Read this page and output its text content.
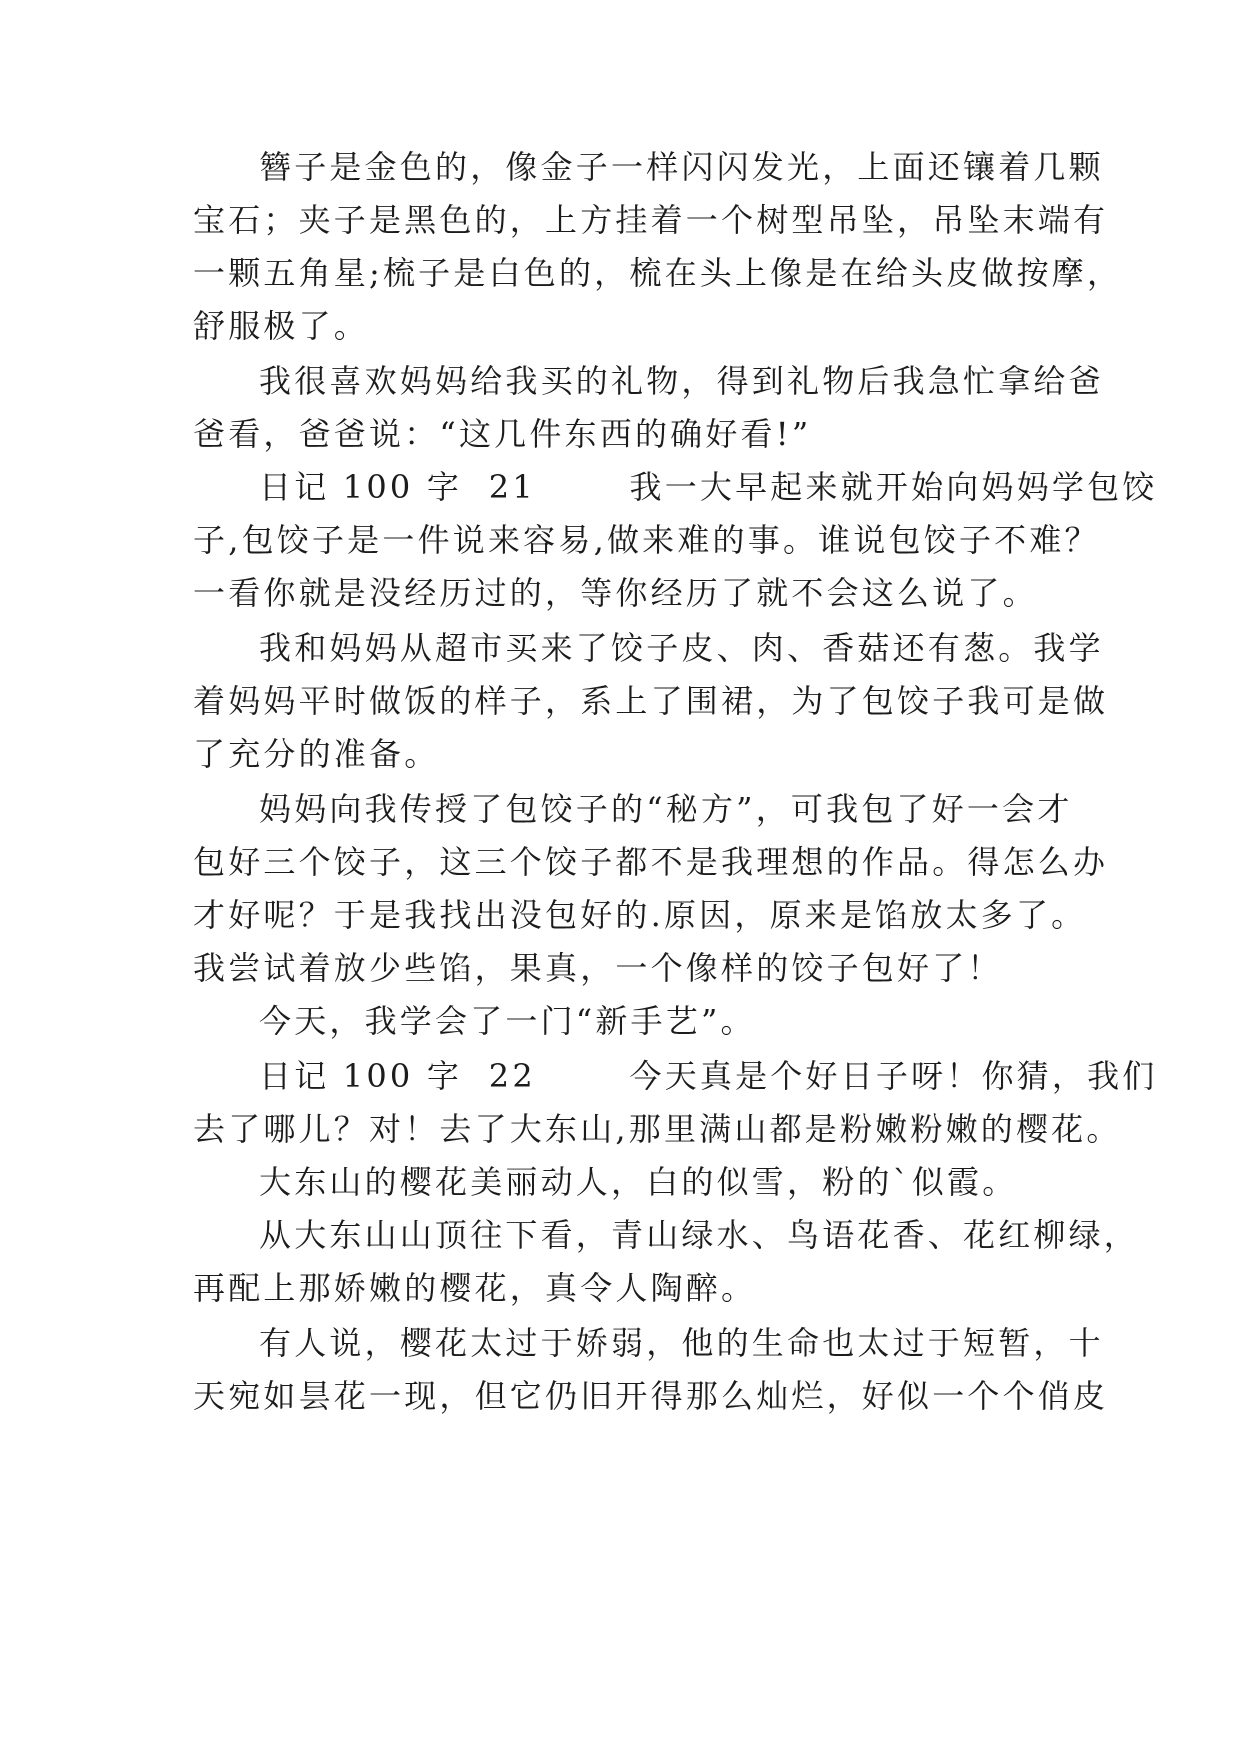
簪子是金色的，像金子一样闪闪发光，上面还镶着几颗

宝石；夹子是黑色的，上方挂着一个树型吊坠，吊坠末端有

一颗五角星;梳子是白色的，梳在头上像是在给头皮做按摩，

舒服极了。

我很喜欢妈妈给我买的礼物，得到礼物后我急忙拿给爸

爸看，爸爸说：“这几件东西的确好看!”

日记 100 字  21       我一大早起来就开始向妈妈学包饺

子,包饺子是一件说来容易,做来难的事。谁说包饺子不难？

一看你就是没经历过的，等你经历了就不会这么说了。

我和妈妈从超市买来了饺子皮、肉、香菇还有葱。我学

着妈妈平时做饭的样子，系上了围裙，为了包饺子我可是做

了充分的准备。

妈妈向我传授了包饺子的“秘方”，可我包了好一会才

包好三个饺子，这三个饺子都不是我理想的作品。得怎么办

才好呢？于是我找出没包好的.原因，原来是馅放太多了。

我尝试着放少些馅，果真，一个像样的饺子包好了！

今天，我学会了一门“新手艺”。

日记 100 字  22       今天真是个好日子呀！你猜，我们

去了哪儿？对！去了大东山,那里满山都是粉嫩粉嫩的樱花。

大东山的樱花美丽动人，白的似雪，粉的`似霞。

从大东山山顶往下看，青山绿水、鸟语花香、花红柳绿，

再配上那娇嫩的樱花，真令人陶醉。

有人说，樱花太过于娇弱，他的生命也太过于短暂，十

天宛如昙花一现，但它仍旧开得那么灿烂，好似一个个俏皮
